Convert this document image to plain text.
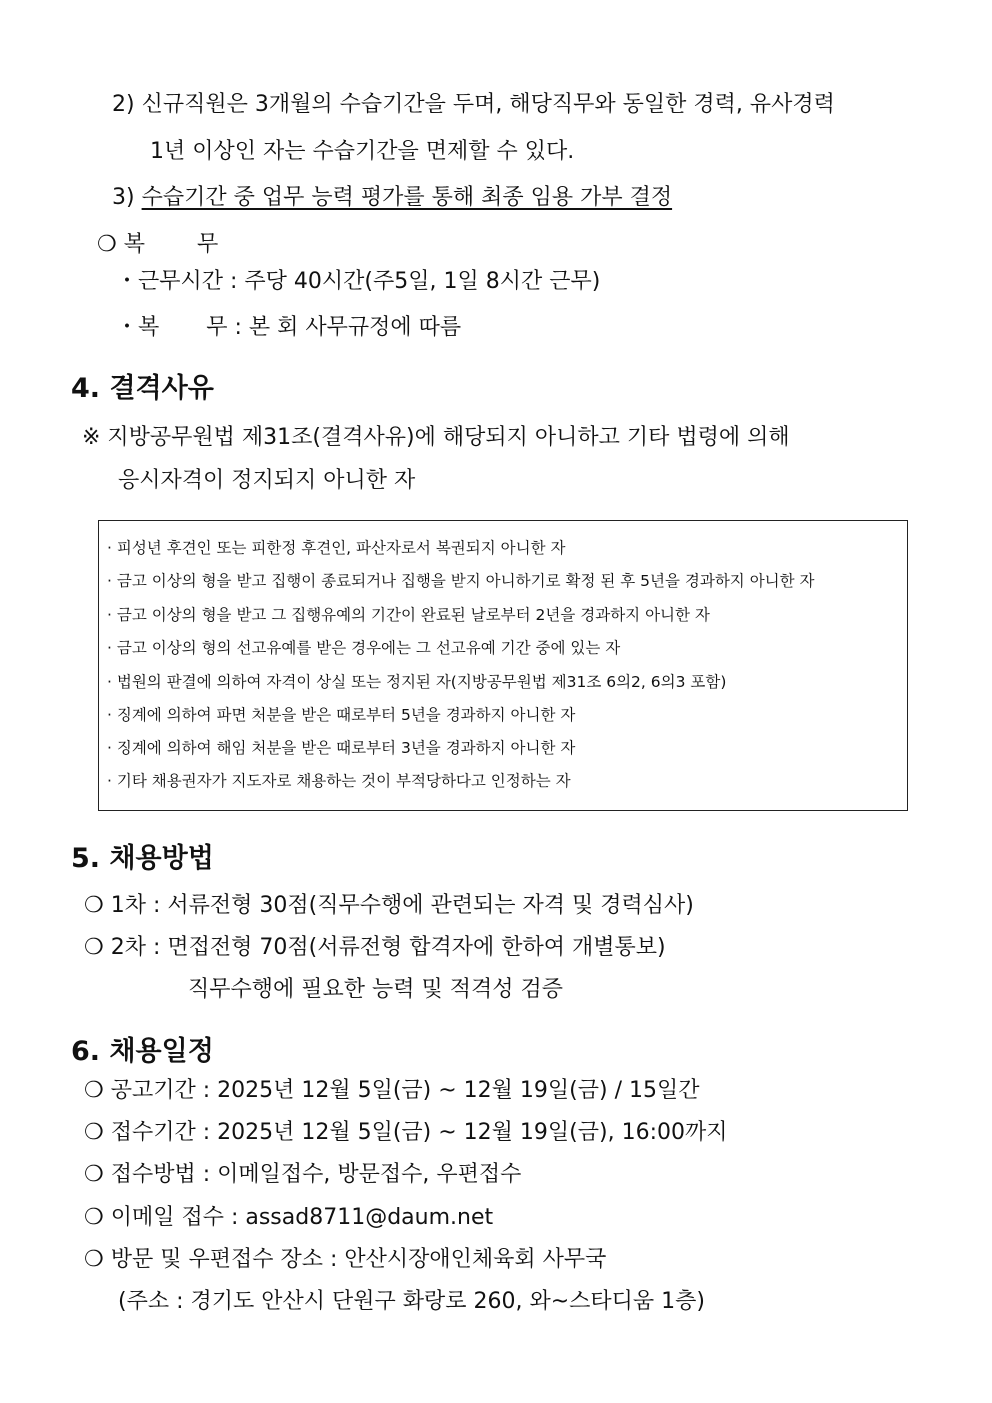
2) 신규직원은 3개월의 수습기간을 두며, 해당직무와 동일한 경력, 유사경력
1년 이상인 자는 수습기간을 면제할 수 있다.
3) 수습기간 중 업무 능력 평가를 통해 최종 임용 가부 결정
❍ 복 무
・근무시간 : 주당 40시간(주5일, 1일 8시간 근무)
・복 무 : 본 회 사무규정에 따름
4. 결격사유
※ 지방공무원법 제31조(결격사유)에 해당되지 아니하고 기타 법령에 의해
응시자격이 정지되지 아니한 자
· 피성년 후견인 또는 피한정 후견인, 파산자로서 복권되지 아니한 자
· 금고 이상의 형을 받고 집행이 종료되거나 집행을 받지 아니하기로 확정 된 후 5년을 경과하지 아니한 자
· 금고 이상의 형을 받고 그 집행유예의 기간이 완료된 날로부터 2년을 경과하지 아니한 자
· 금고 이상의 형의 선고유예를 받은 경우에는 그 선고유예 기간 중에 있는 자
· 법원의 판결에 의하여 자격이 상실 또는 정지된 자(지방공무원법 제31조 6의2, 6의3 포함)
· 징계에 의하여 파면 처분을 받은 때로부터 5년을 경과하지 아니한 자
· 징계에 의하여 해임 처분을 받은 때로부터 3년을 경과하지 아니한 자
· 기타 채용권자가 지도자로 채용하는 것이 부적당하다고 인정하는 자
5. 채용방법
❍ 1차 : 서류전형 30점(직무수행에 관련되는 자격 및 경력심사)
❍ 2차 : 면접전형 70점(서류전형 합격자에 한하여 개별통보)
직무수행에 필요한 능력 및 적격성 검증
6. 채용일정
❍ 공고기간 : 2025년 12월 5일(금) ~ 12월 19일(금) / 15일간
❍ 접수기간 : 2025년 12월 5일(금) ~ 12월 19일(금), 16:00까지
❍ 접수방법 : 이메일접수, 방문접수, 우편접수
❍ 이메일 접수 : assad8711@daum.net
❍ 방문 및 우편접수 장소 : 안산시장애인체육회 사무국
(주소 : 경기도 안산시 단원구 화랑로 260, 와~스타디움 1층)
